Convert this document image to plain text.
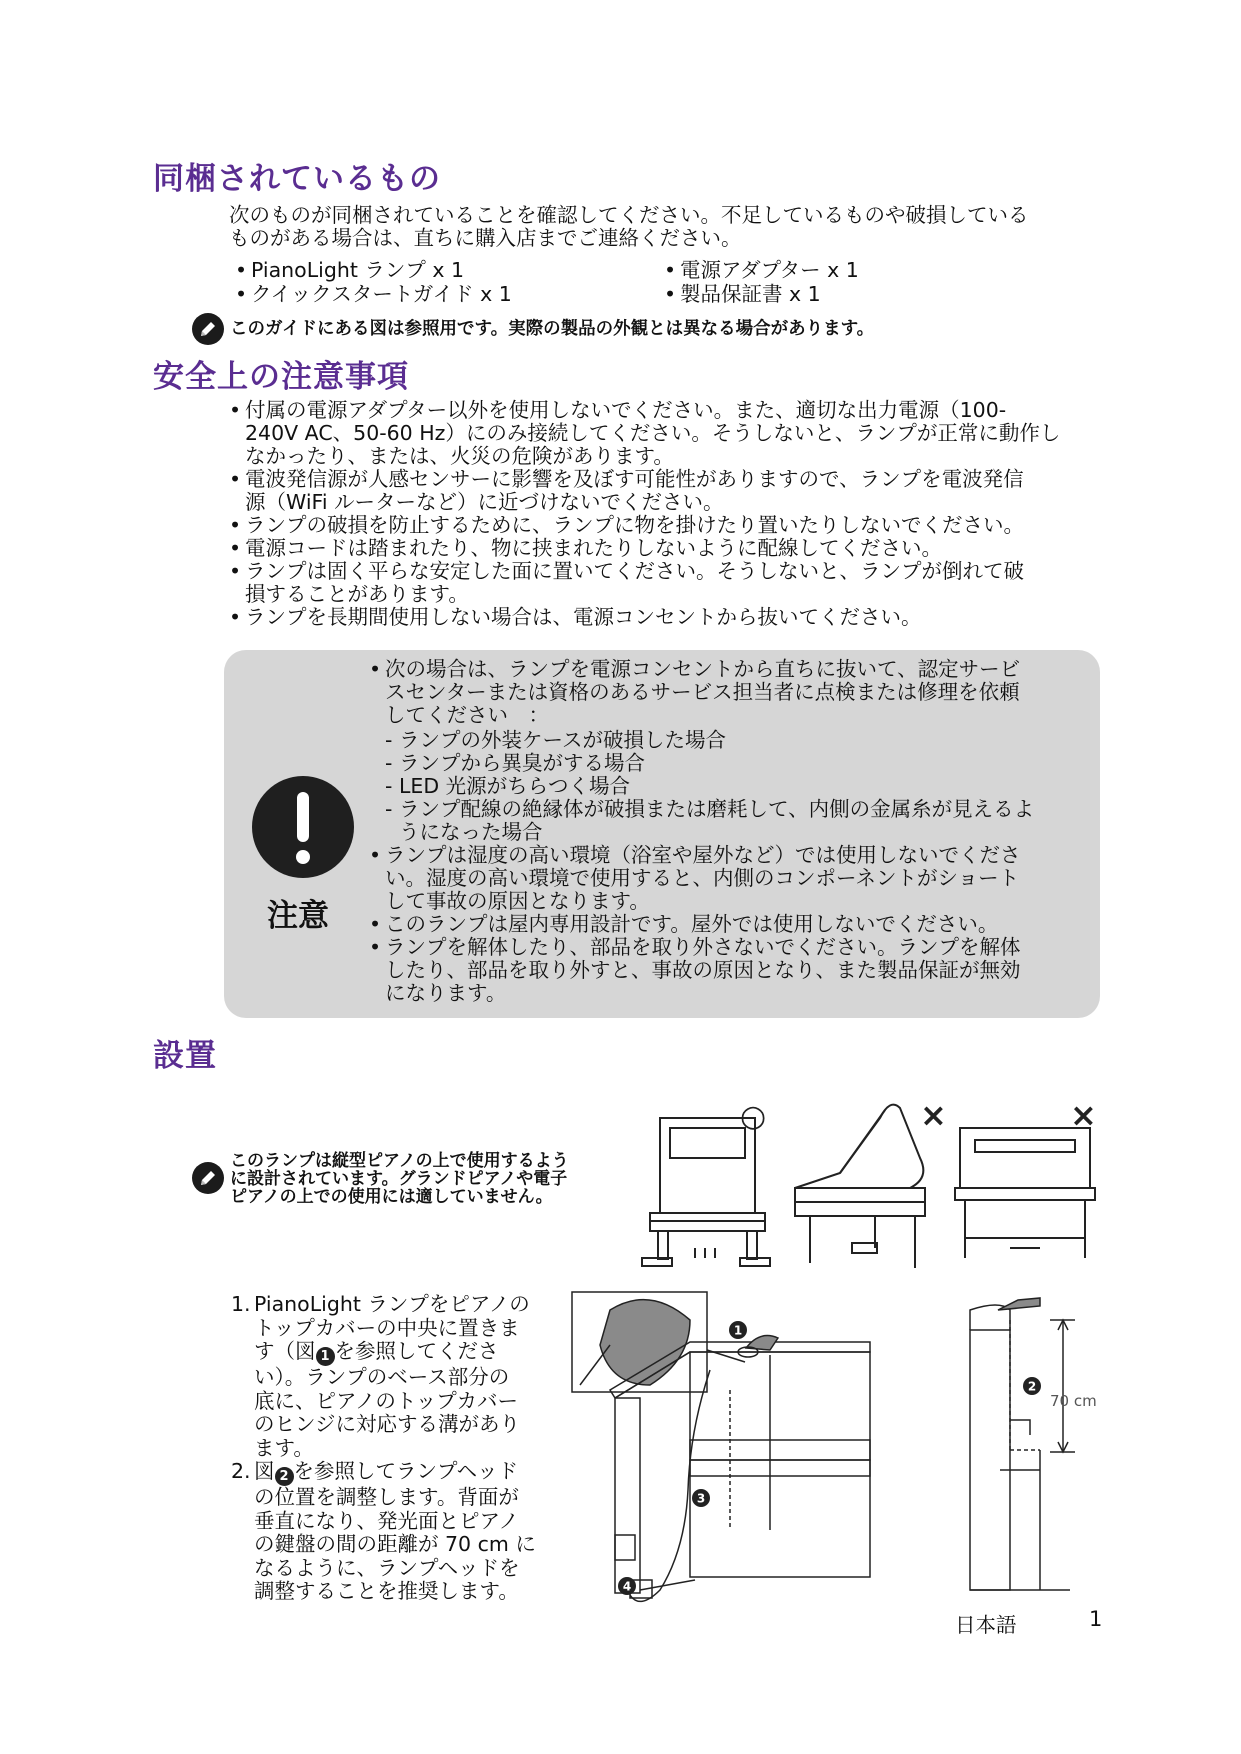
同梱されているもの
次のものが同梱されていることを確認してください。不足しているものや破損している
ものがある場合は、直ちに購入店までご連絡ください。
• PianoLight ランプ x 1	• 電源アダプター x 1
• クイックスタートガイド x 1	• 製品保証書 x 1
このガイドにある図は参照用です。実際の製品の外観とは異なる場合があります。
安全上の注意事項
• 付属の電源アダプター以外を使用しないでください。また、適切な出力電源（100-
240V AC、50-60 Hz）にのみ接続してください。そうしないと、ランプが正常に動作し
なかったり、または、火災の危険があります。
• 電波発信源が人感センサーに影響を及ぼす可能性がありますので、ランプを電波発信
源（WiFi ルーターなど）に近づけないでください。
• ランプの破損を防止するために、ランプに物を掛けたり置いたりしないでください。
• 電源コードは踏まれたり、物に挟まれたりしないように配線してください。
• ランプは固く平らな安定した面に置いてください。そうしないと、ランプが倒れて破
損することがあります。
• ランプを長期間使用しない場合は、電源コンセントから抜いてください。
注意
• 次の場合は、ランプを電源コンセントから直ちに抜いて、認定サービ
スセンターまたは資格のあるサービス担当者に点検または修理を依頼
してください　：
- ランプの外装ケースが破損した場合
- ランプから異臭がする場合
- LED 光源がちらつく場合
- ランプ配線の絶縁体が破損または磨耗して、内側の金属糸が見えるよ
うになった場合
• ランプは湿度の高い環境（浴室や屋外など）では使用しないでくださ
い。湿度の高い環境で使用すると、内側のコンポーネントがショート
して事故の原因となります。
• このランプは屋内専用設計です。屋外では使用しないでください。
• ランプを解体したり、部品を取り外さないでください。ランプを解体
したり、部品を取り外すと、事故の原因となり、また製品保証が無効
になります。
設置
このランプは縦型ピアノの上で使用するよう
に設計されています。グランドピアノや電子
ピアノの上での使用には適していません。
○	×	×
1. PianoLight ランプをピアノの
トップカバーの中央に置きま
す（図 1 を参照してくださ
い）。ランプのベース部分の
底に、ピアノのトップカバー
のヒンジに対応する溝があり
ます。
2. 図 2 を参照してランプヘッド
の位置を調整します。背面が
垂直になり、発光面とピアノ
の鍵盤の間の距離が 70 cm に
なるように、ランプヘッドを
調整することを推奨します。
1
2
3
4
70 cm
日本語	1
